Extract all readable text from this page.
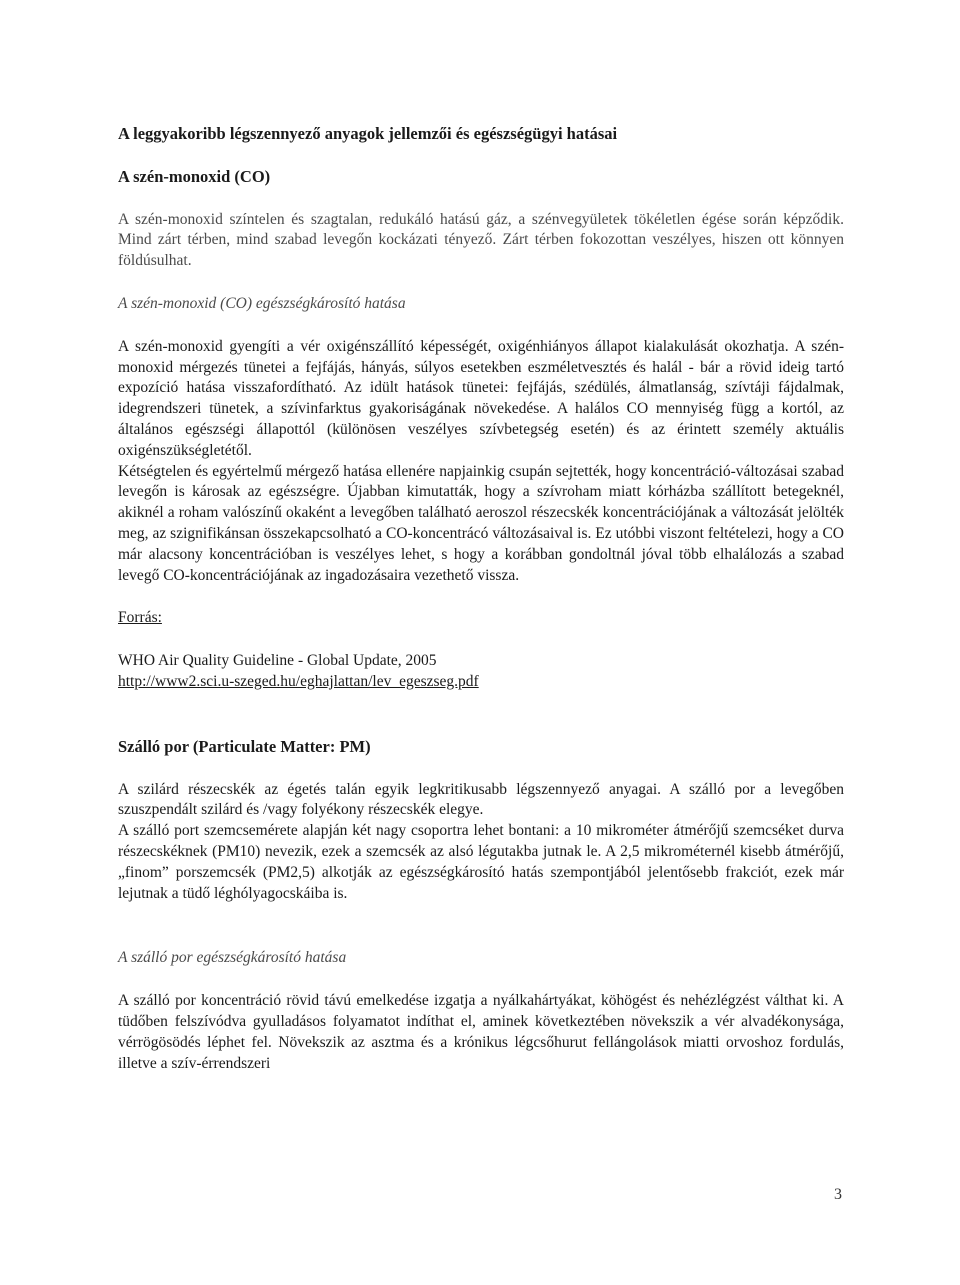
A leggyakoribb légszennyező anyagok jellemzői és egészségügyi hatásai
A szén-monoxid (CO)

A szén-monoxid színtelen és szagtalan, redukáló hatású gáz, a szénvegyületek tökéletlen égése során képződik. Mind zárt térben, mind szabad levegőn kockázati tényező. Zárt térben fokozottan veszélyes, hiszen ott könnyen földúsulhat.

A szén-monoxid (CO) egészségkárosító hatása

A szén-monoxid gyengíti a vér oxigénszállító képességét, oxigénhiányos állapot kialakulását okozhatja. A szén-monoxid mérgezés tünetei a fejfájás, hányás, súlyos esetekben eszméletvesztés és halál - bár a rövid ideig tartó expozíció hatása visszafordítható. Az idült hatások tünetei: fejfájás, szédülés, álmatlanság, szívtáji fájdalmak, idegrendszeri tünetek, a szívinfarktus gyakoriságának növekedése. A halálos CO mennyiség függ a kortól, az általános egészségi állapottól (különösen veszélyes szívbetegség esetén) és az érintett személy aktuális oxigénszükségletétől.

Kétségtelen és egyértelmű mérgező hatása ellenére napjainkig csupán sejtették, hogy koncentráció-változásai szabad levegőn is károsak az egészségre. Újabban kimutatták, hogy a szívroham miatt kórházba szállított betegeknél, akiknél a roham valószínű okaként a levegőben található aeroszol részecskék koncentrációjának a változását jelölték meg, az szignifikánsan összekapcsolható a CO-koncentrácó változásaival is. Ez utóbbi viszont feltételezi, hogy a CO már alacsony koncentrációban is veszélyes lehet, s hogy a korábban gondoltnál jóval több elhalálozás a szabad levegő CO-koncentrációjának az ingadozásaira vezethető vissza.

Forrás:

WHO Air Quality Guideline - Global Update, 2005

http://www2.sci.u-szeged.hu/eghajlattan/lev_egeszseg.pdf

Szálló por (Particulate Matter: PM)

A szilárd részecskék az égetés talán egyik legkritikusabb légszennyező anyagai. A szálló por a levegőben szuszpendált szilárd és /vagy folyékony részecskék elegye.

A szálló port szemcsemérete alapján két nagy csoportra lehet bontani: a 10 mikrométer átmérőjű szemcséket durva részecskéknek (PM10) nevezik, ezek a szemcsék az alsó légutakba jutnak le. A 2,5 mikrométernél kisebb átmérőjű, „finom” porszemcsék (PM2,5) alkotják az egészségkárosító hatás szempontjából jelentősebb frakciót, ezek már lejutnak a tüdő léghólyagocskáiba is.

A szálló por egészségkárosító hatása

A szálló por koncentráció rövid távú emelkedése izgatja a nyálkahártyákat, köhögést és nehézlégzést válthat ki. A tüdőben felszívódva gyulladásos folyamatot indíthat el, aminek következtében növekszik a vér alvadékonysága, vérrögösödés léphet fel. Növekszik az asztma és a krónikus légcsőhurut fellángolások miatti orvoshoz fordulás, illetve a szív-érrendszeri

3
